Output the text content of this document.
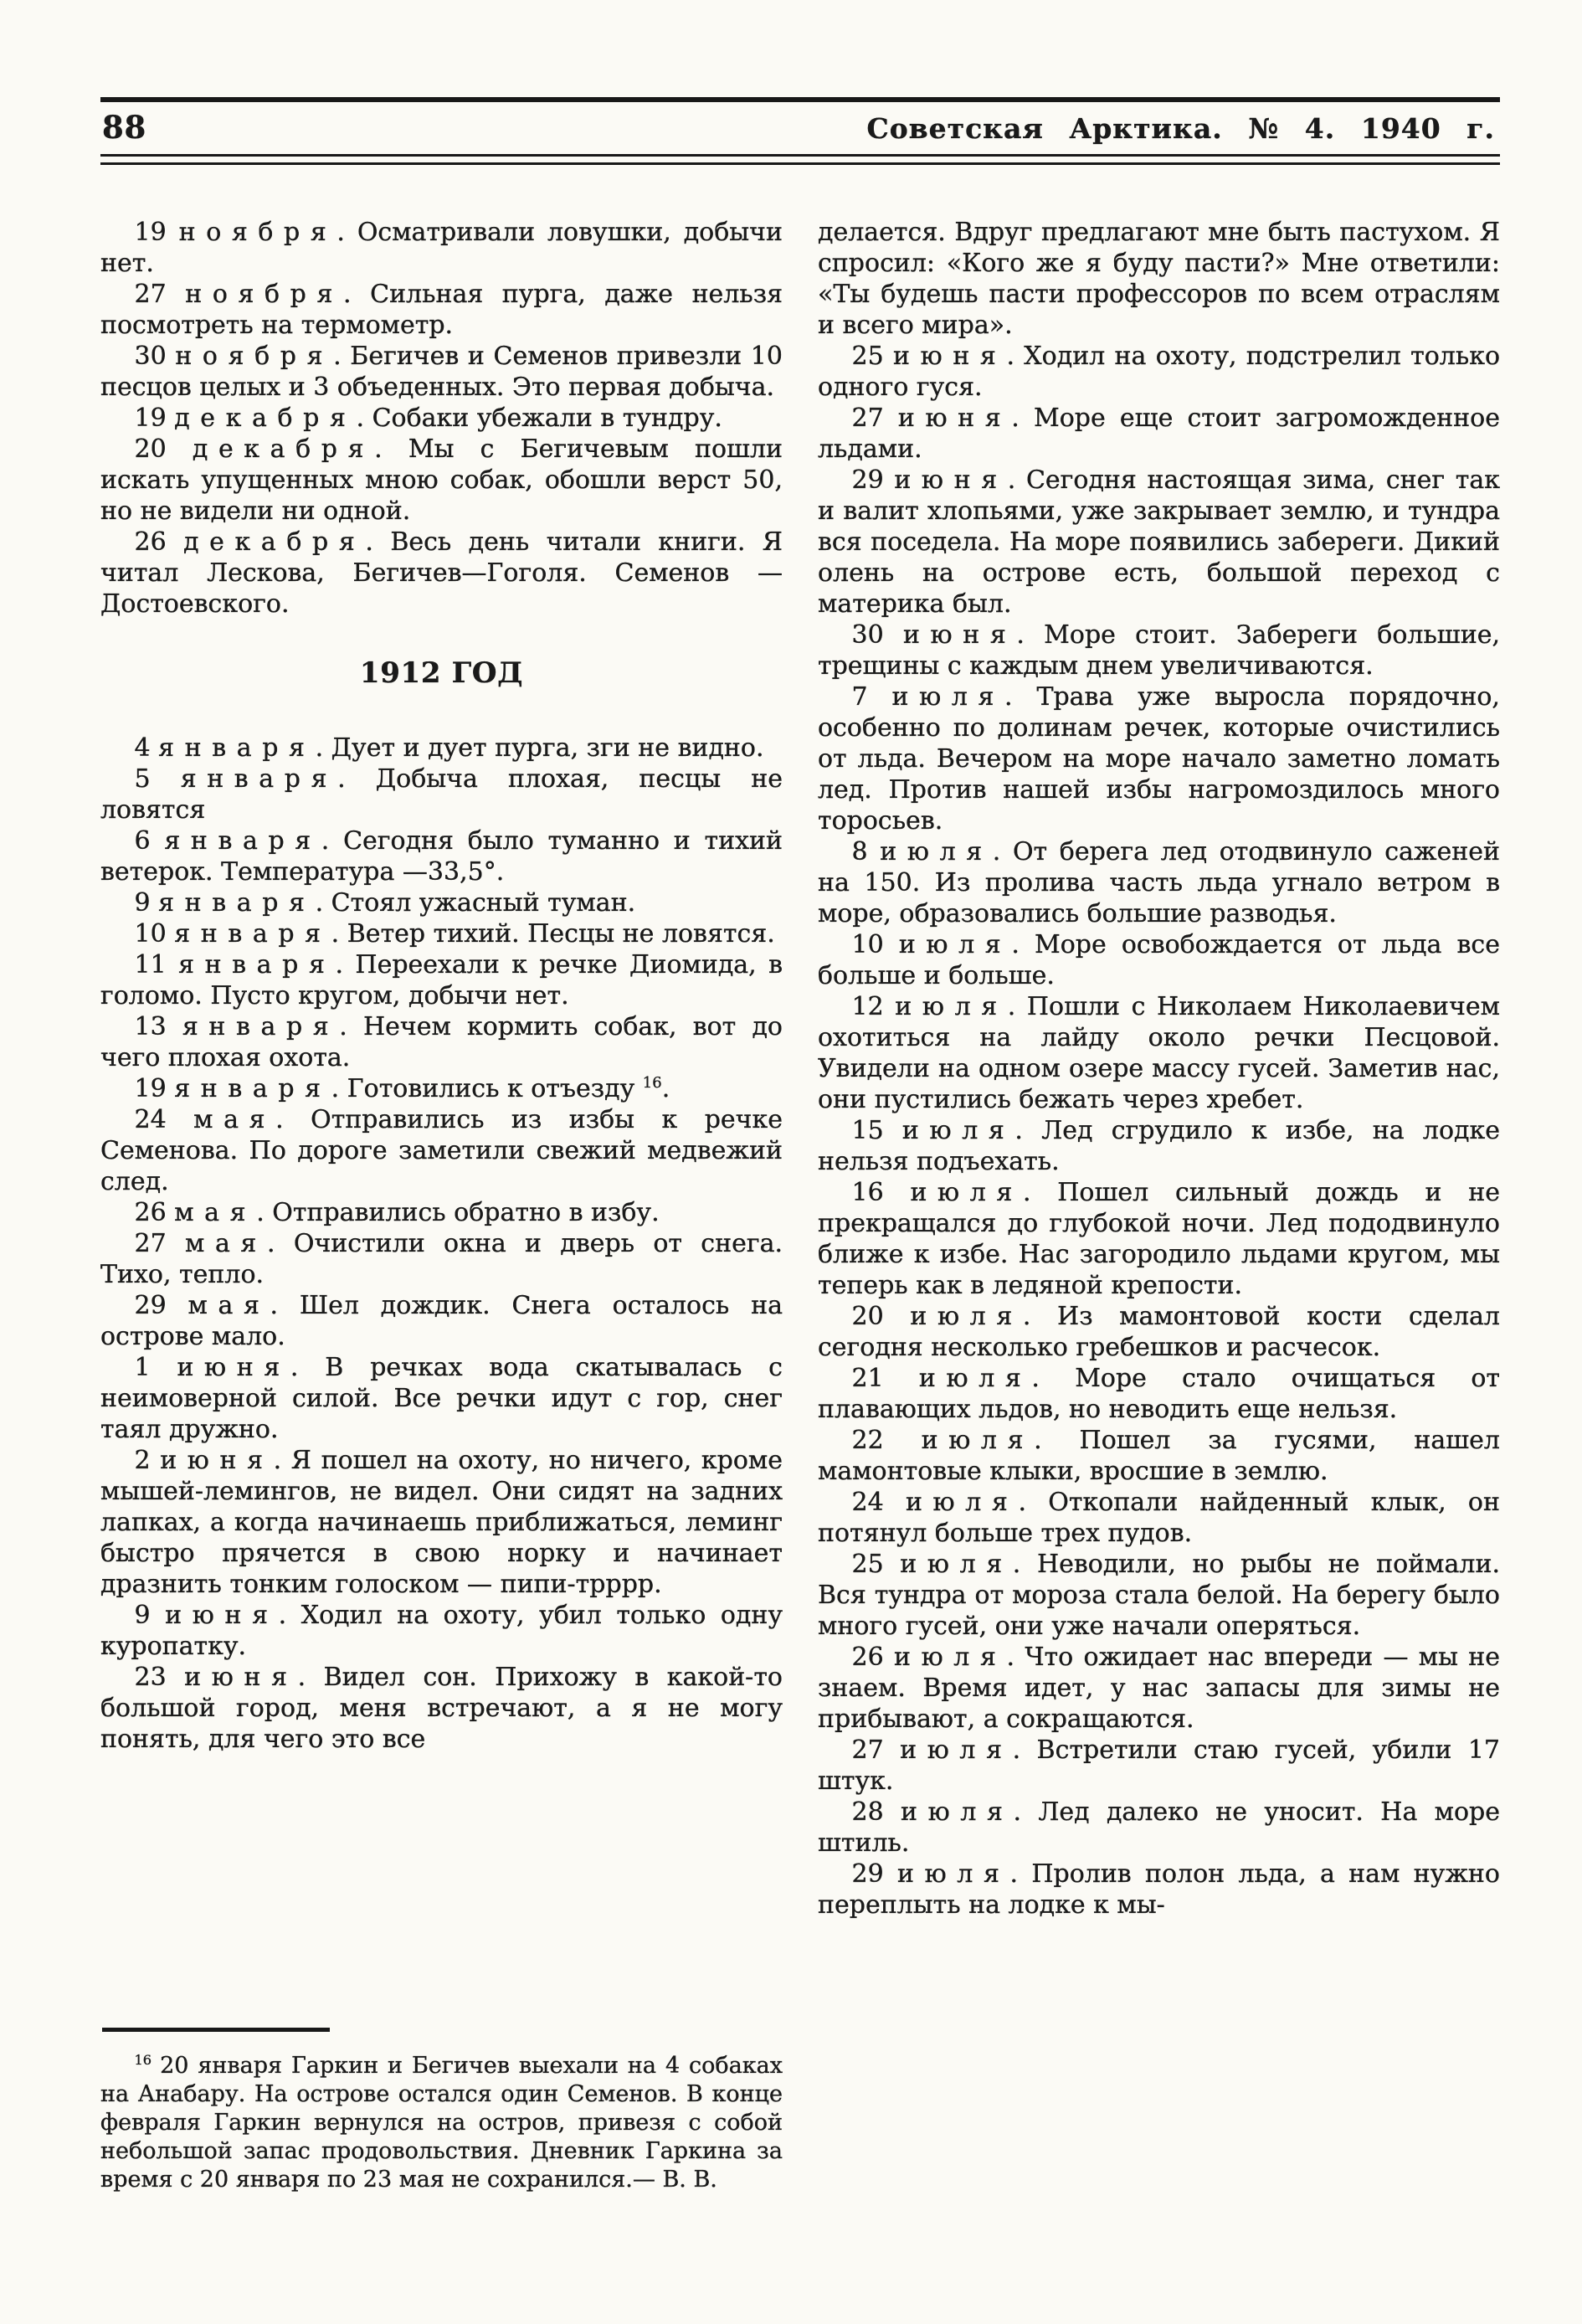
88	Советская Арктика. № 4. 1940 г.

19 ноября. Осматривали ловушки, добычи нет.

27 ноября. Сильная пурга, даже нельзя посмотреть на термометр.

30 ноября. Бегичев и Семенов привезли 10 песцов целых и 3 объеденных. Это первая добыча.

19 декабря. Собаки убежали в тундру.

20 декабря. Мы с Бегичевым пошли искать упущенных мною собак, обошли верст 50, но не видели ни одной.

26 декабря. Весь день читали книги. Я читал Лескова, Бегичев—Гоголя. Семенов — Достоевского.

1912 ГОД

4 января. Дует и дует пурга, зги не видно.

5 января. Добыча плохая, песцы не ловятся

6 января. Сегодня было туманно и тихий ветерок. Температура —33,5°.

9 января. Стоял ужасный туман.

10 января. Ветер тихий. Песцы не ловятся.

11 января. Переехали к речке Диомида, в голомо. Пусто кругом, добычи нет.

13 января. Нечем кормить собак, вот до чего плохая охота.

19 января. Готовились к отъезду $^{16}$.

24 мая. Отправились из избы к речке Семенова. По дороге заметили свежий медвежий след.

26 мая. Отправились обратно в избу.

27 мая. Очистили окна и дверь от снега. Тихо, тепло.

29 мая. Шел дождик. Снега осталось на острове мало.

1 июня. В речках вода скатывалась с неимоверной силой. Все речки идут с гор, снег таял дружно.

2 июня. Я пошел на охоту, но ничего, кроме мышей-лемингов, не видел. Они сидят на задних лапках, а когда начинаешь приближаться, леминг быстро прячется в свою норку и начинает дразнить тонким голоском — пипи-трррр.

9 июня. Ходил на охоту, убил только одну куропатку.

23 июня. Видел сон. Прихожу в какой-то большой город, меня встречают, а я не могу понять, для чего это все

$^{16}$ 20 января Гаркин и Бегичев выехали на 4 собаках на Анабару. На острове остался один Семенов. В конце февраля Гаркин вернулся на остров, привезя с собой небольшой запас продовольствия. Дневник Гаркина за время с 20 января по 23 мая не сохранился.— В. В.

делается. Вдруг предлагают мне быть пастухом. Я спросил: «Кого же я буду пасти?» Мне ответили: «Ты будешь пасти профессоров по всем отраслям и всего мира».

25 июня. Ходил на охоту, подстрелил только одного гуся.

27 июня. Море еще стоит загроможденное льдами.

29 июня. Сегодня настоящая зима, снег так и валит хлопьями, уже закрывает землю, и тундра вся поседела. На море появились забереги. Дикий олень на острове есть, большой переход с материка был.

30 июня. Море стоит. Забереги большие, трещины с каждым днем увеличиваются.

7 июля. Трава уже выросла порядочно, особенно по долинам речек, которые очистились от льда. Вечером на море начало заметно ломать лед. Против нашей избы нагромоздилось много торосьев.

8 июля. От берега лед отодвинуло саженей на 150. Из пролива часть льда угнало ветром в море, образовались большие разводья.

10 июля. Море освобождается от льда все больше и больше.

12 июля. Пошли с Николаем Николаевичем охотиться на лайду около речки Песцовой. Увидели на одном озере массу гусей. Заметив нас, они пустились бежать через хребет.

15 июля. Лед сгрудило к избе, на лодке нельзя подъехать.

16 июля. Пошел сильный дождь и не прекращался до глубокой ночи. Лед пододвинуло ближе к избе. Нас загородило льдами кругом, мы теперь как в ледяной крепости.

20 июля. Из мамонтовой кости сделал сегодня несколько гребешков и расчесок.

21 июля. Море стало очищаться от плавающих льдов, но неводить еще нельзя.

22 июля. Пошел за гусями, нашел мамонтовые клыки, вросшие в землю.

24 июля. Откопали найденный клык, он потянул больше трех пудов.

25 июля. Неводили, но рыбы не поймали. Вся тундра от мороза стала белой. На берегу было много гусей, они уже начали оперяться.

26 июля. Что ожидает нас впереди — мы не знаем. Время идет, у нас запасы для зимы не прибывают, а сокращаются.

27 июля. Встретили стаю гусей, убили 17 штук.

28 июля. Лед далеко не уносит. На море штиль.

29 июля. Пролив полон льда, а нам нужно переплыть на лодке к мы-
